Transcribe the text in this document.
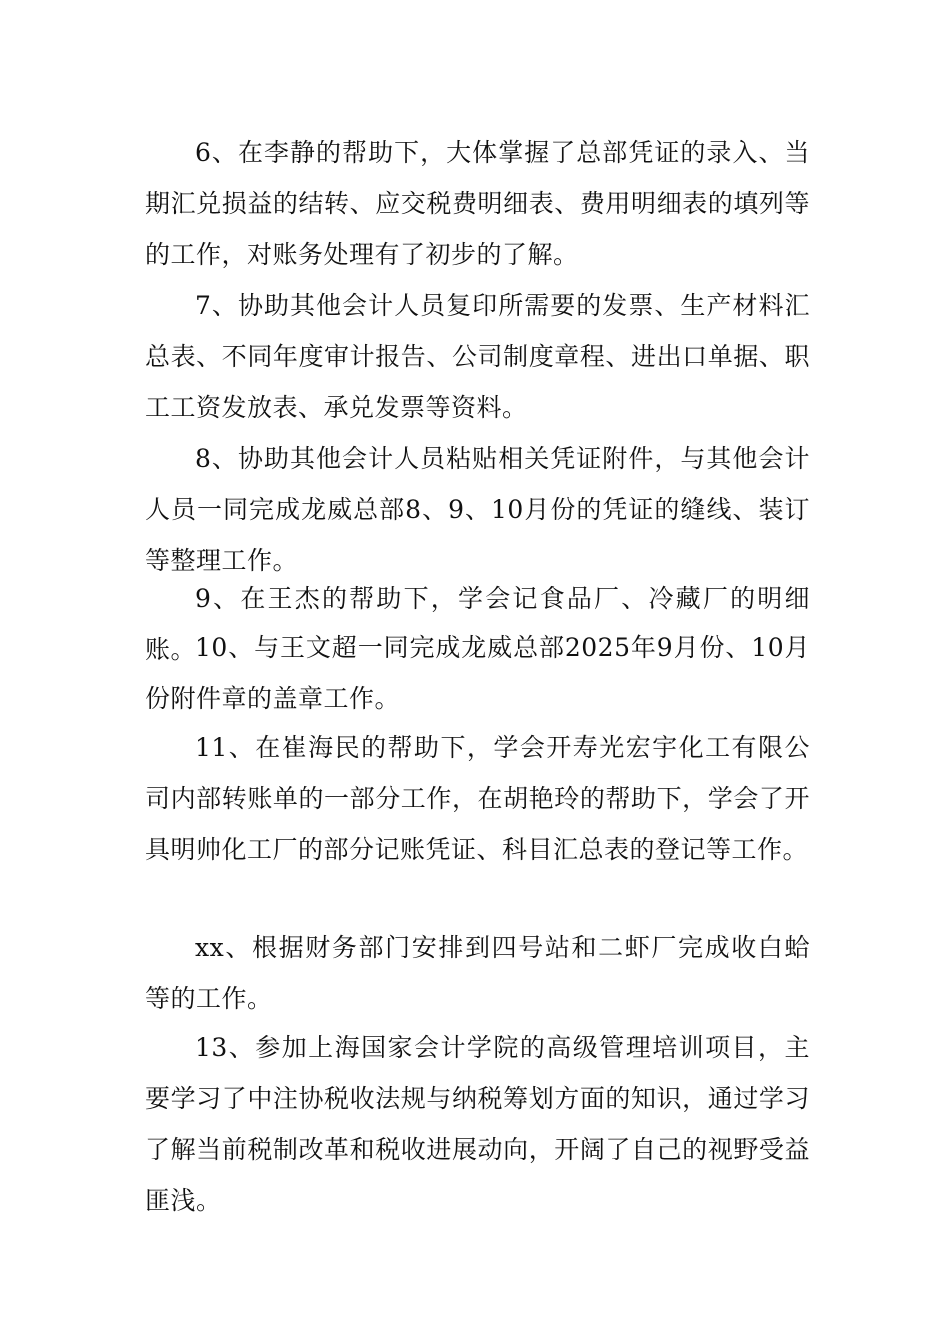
6、在李静的帮助下，大体掌握了总部凭证的录入、当期汇兑损益的结转、应交税费明细表、费用明细表的填列等的工作，对账务处理有了初步的了解。

7、协助其他会计人员复印所需要的发票、生产材料汇总表、不同年度审计报告、公司制度章程、进出口单据、职工工资发放表、承兑发票等资料。

8、协助其他会计人员粘贴相关凭证附件，与其他会计人员一同完成龙威总部8、9、10月份的凭证的缝线、装订等整理工作。

9、在王杰的帮助下，学会记食品厂、冷藏厂的明细账。

10、与王文超一同完成龙威总部2025年9月份、10月份附件章的盖章工作。

11、在崔海民的帮助下，学会开寿光宏宇化工有限公司内部转账单的一部分工作，在胡艳玲的帮助下，学会了开具明帅化工厂的部分记账凭证、科目汇总表的登记等工作。

xx、根据财务部门安排到四号站和二虾厂完成收白蛤等的工作。

13、参加上海国家会计学院的高级管理培训项目，主要学习了中注协税收法规与纳税筹划方面的知识，通过学习了解当前税制改革和税收进展动向，开阔了自己的视野受益匪浅。
